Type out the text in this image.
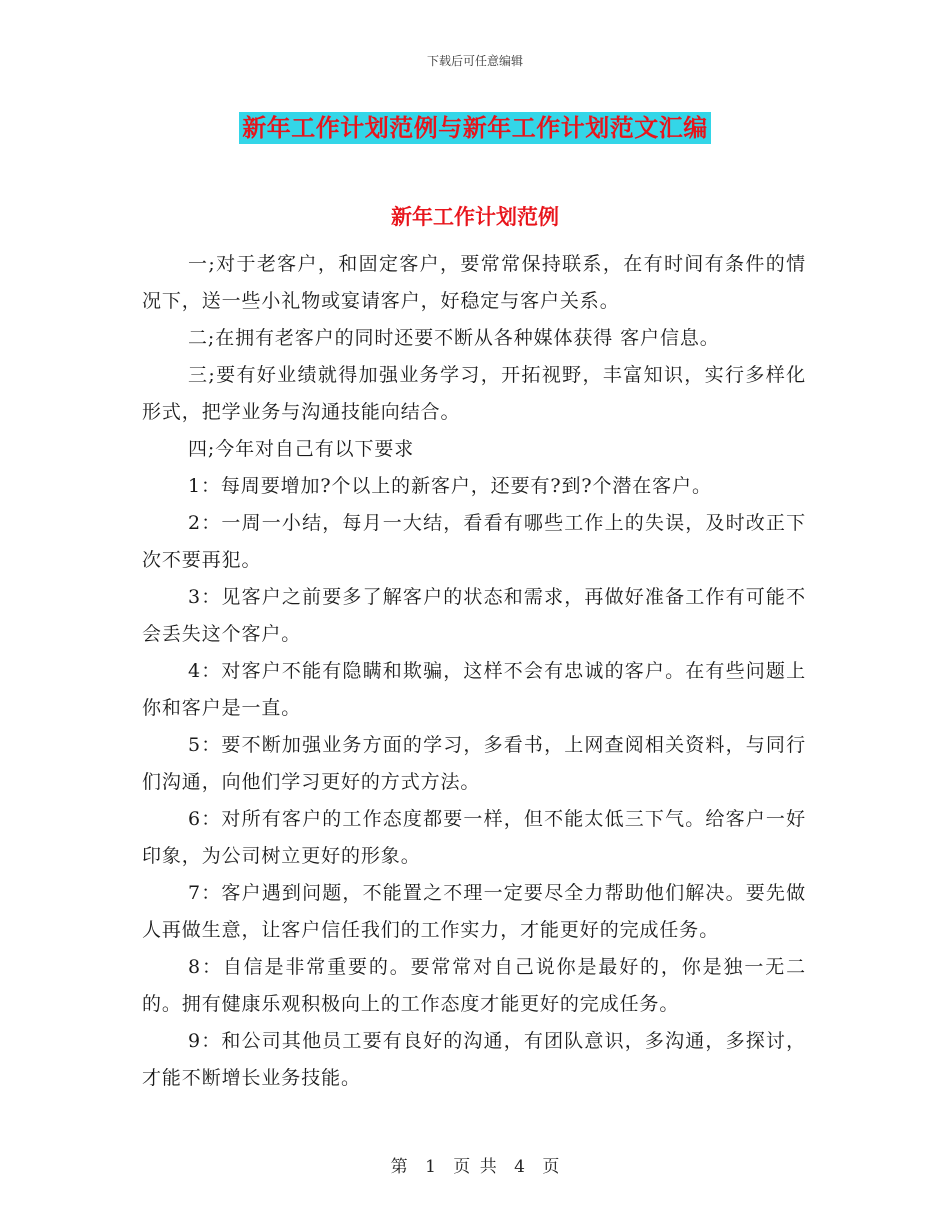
下载后可任意编辑
新年工作计划范例与新年工作计划范文汇编
新年工作计划范例

一;对于老客户，和固定客户，要常常保持联系，在有时间有条件的情况下，送一些小礼物或宴请客户，好稳定与客户关系。

二;在拥有老客户的同时还要不断从各种媒体获得 客户信息。

三;要有好业绩就得加强业务学习，开拓视野，丰富知识，实行多样化形式，把学业务与沟通技能向结合。

四;今年对自己有以下要求

1：每周要增加?个以上的新客户，还要有?到?个潜在客户。

2：一周一小结，每月一大结，看看有哪些工作上的失误，及时改正下次不要再犯。

3：见客户之前要多了解客户的状态和需求，再做好准备工作有可能不会丢失这个客户。

4：对客户不能有隐瞒和欺骗，这样不会有忠诚的客户。在有些问题上你和客户是一直。

5：要不断加强业务方面的学习，多看书，上网查阅相关资料，与同行们沟通，向他们学习更好的方式方法。

6：对所有客户的工作态度都要一样，但不能太低三下气。给客户一好印象，为公司树立更好的形象。

7：客户遇到问题，不能置之不理一定要尽全力帮助他们解决。要先做人再做生意，让客户信任我们的工作实力，才能更好的完成任务。

8：自信是非常重要的。要常常对自己说你是最好的，你是独一无二的。拥有健康乐观积极向上的工作态度才能更好的完成任务。

9：和公司其他员工要有良好的沟通，有团队意识，多沟通，多探讨，才能不断增长业务技能。

第 1 页 共 4 页
